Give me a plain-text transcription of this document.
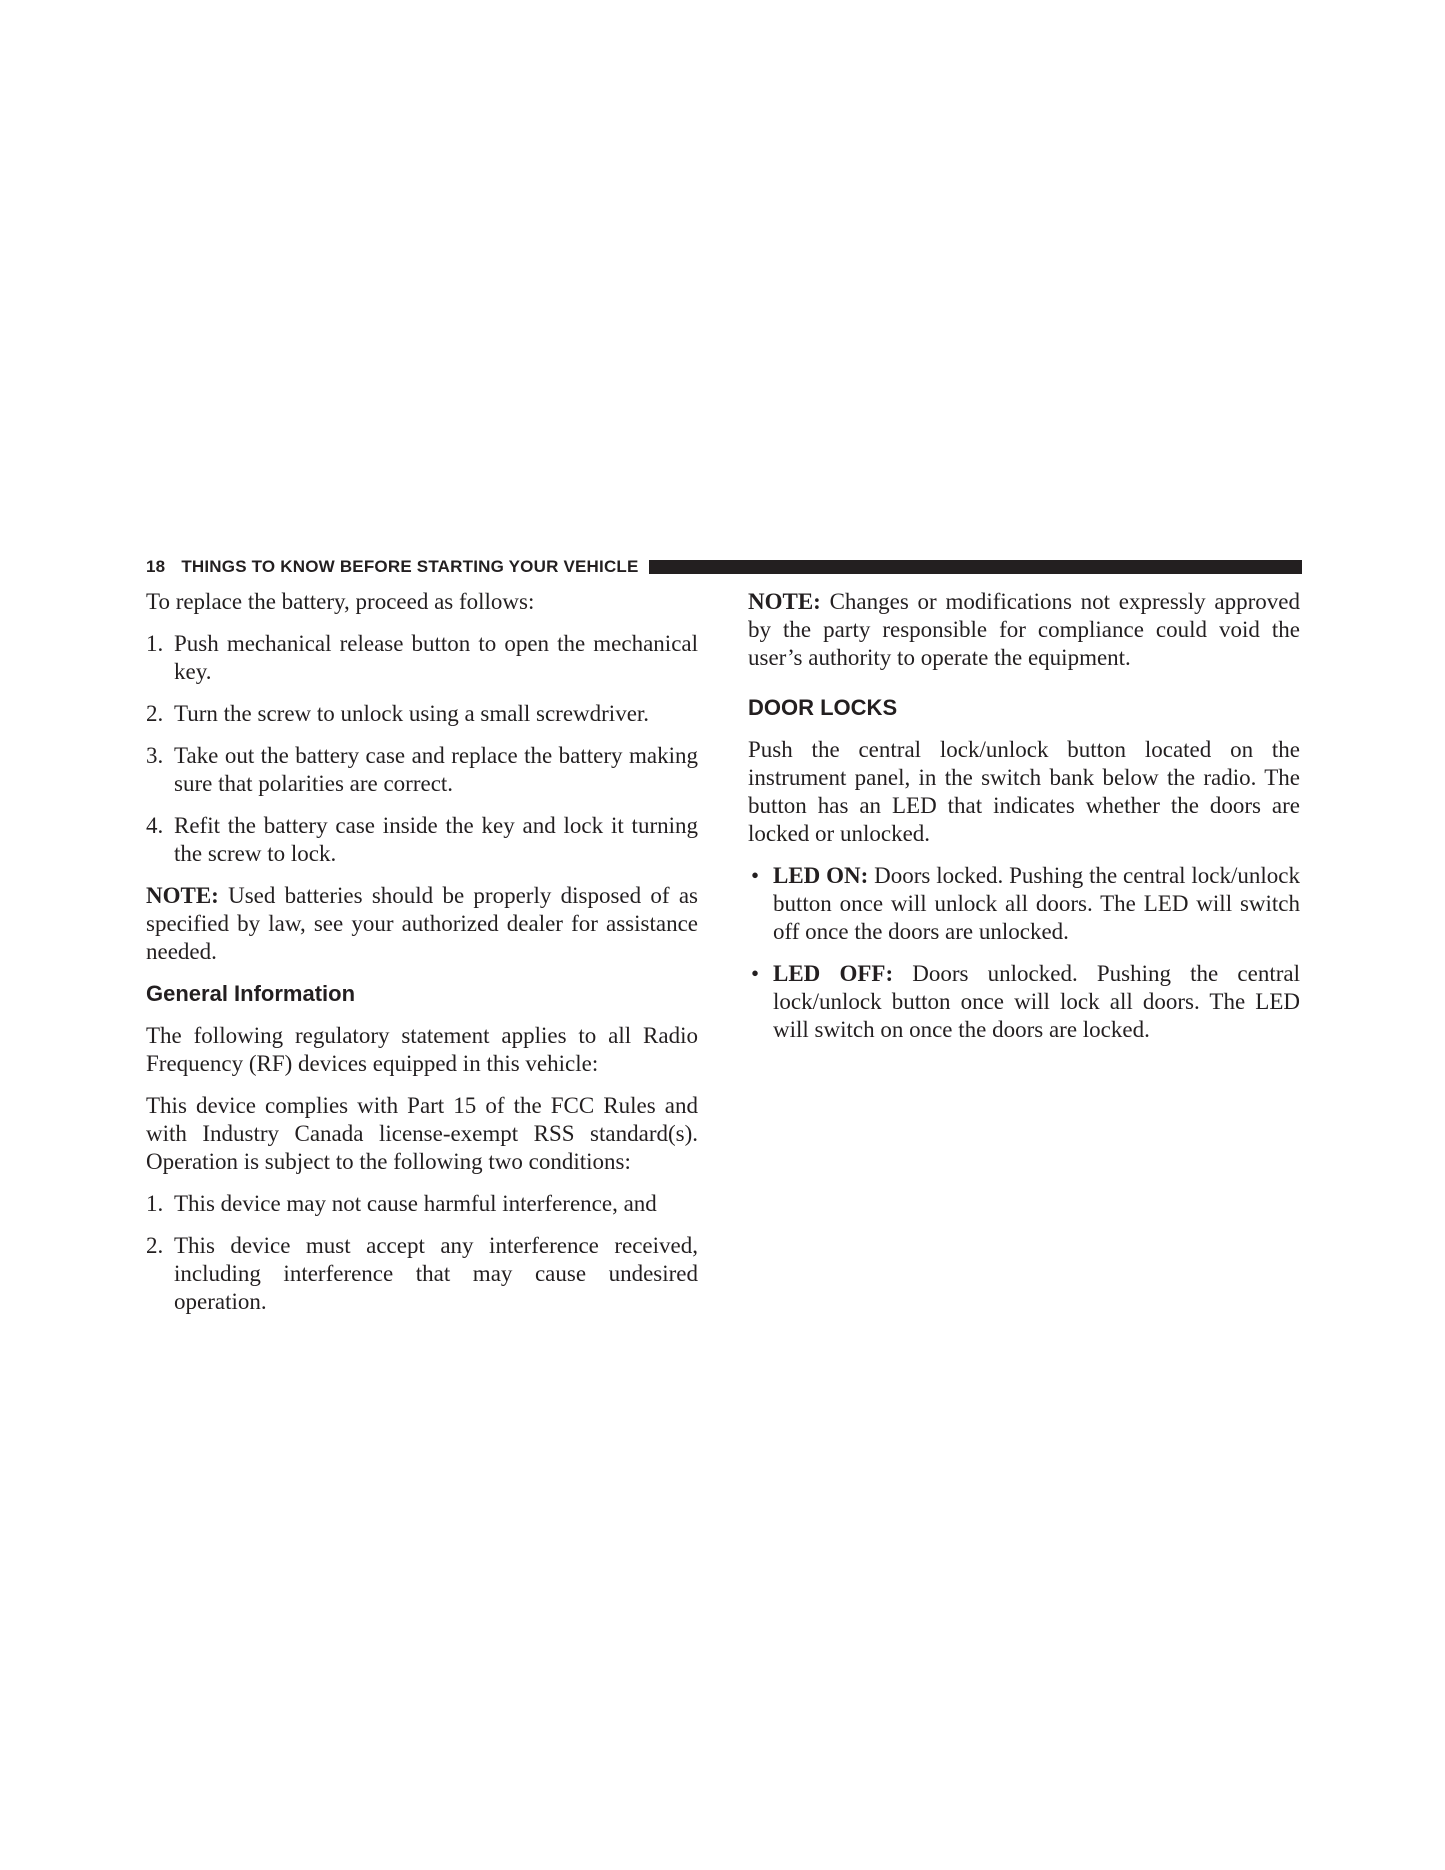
18 THINGS TO KNOW BEFORE STARTING YOUR VEHICLE

To replace the battery, proceed as follows:

1. Push mechanical release button to open the mechanical key.
2. Turn the screw to unlock using a small screwdriver.
3. Take out the battery case and replace the battery making sure that polarities are correct.
4. Refit the battery case inside the key and lock it turning the screw to lock.

NOTE: Used batteries should be properly disposed of as specified by law, see your authorized dealer for assistance needed.

General Information

The following regulatory statement applies to all Radio Frequency (RF) devices equipped in this vehicle:

This device complies with Part 15 of the FCC Rules and with Industry Canada license-exempt RSS standard(s). Operation is subject to the following two conditions:

1. This device may not cause harmful interference, and
2. This device must accept any interference received, including interference that may cause undesired operation.

NOTE: Changes or modifications not expressly approved by the party responsible for compliance could void the user’s authority to operate the equipment.

DOOR LOCKS

Push the central lock/unlock button located on the instrument panel, in the switch bank below the radio. The button has an LED that indicates whether the doors are locked or unlocked.

• LED ON: Doors locked. Pushing the central lock/unlock button once will unlock all doors. The LED will switch off once the doors are unlocked.
• LED OFF: Doors unlocked. Pushing the central lock/unlock button once will lock all doors. The LED will switch on once the doors are locked.
